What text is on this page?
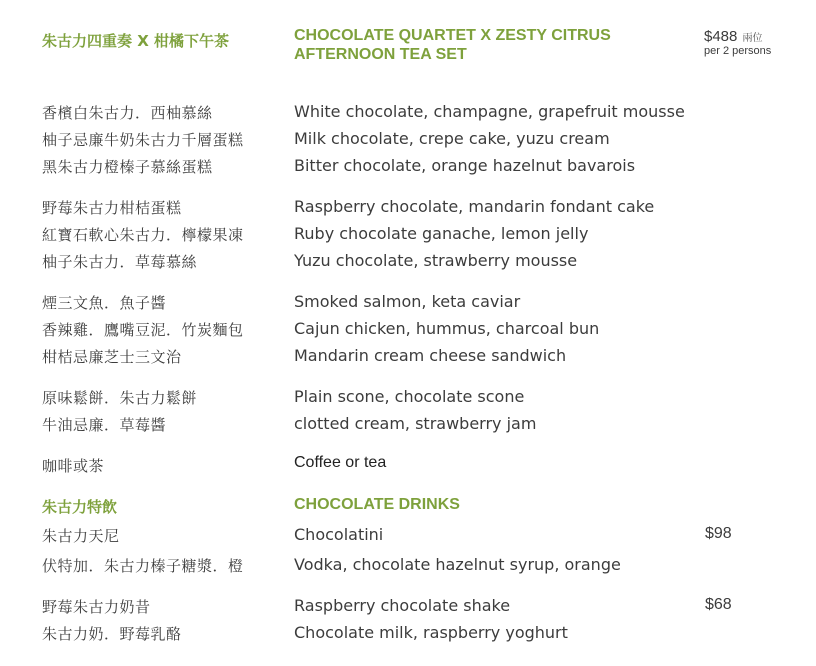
朱古力四重奏 X 柑橘下午茶	CHOCOLATE QUARTET X ZESTY CITRUS
AFTERNOON TEA SET
$488 兩位
per 2 persons
香檳白朱古力．西柚慕絲	White chocolate, champagne, grapefruit mousse
柚子忌廉牛奶朱古力千層蛋糕	Milk chocolate, crepe cake, yuzu cream
黑朱古力橙榛子慕絲蛋糕	Bitter chocolate, orange hazelnut bavarois
野莓朱古力柑桔蛋糕	Raspberry chocolate, mandarin fondant cake
紅寶石軟心朱古力．檸檬果凍	Ruby chocolate ganache, lemon jelly
柚子朱古力．草莓慕絲	Yuzu chocolate, strawberry mousse
煙三文魚．魚子醬	Smoked salmon, keta caviar
香辣雞．鷹嘴豆泥．竹炭麵包	Cajun chicken, hummus, charcoal bun
柑桔忌廉芝士三文治	Mandarin cream cheese sandwich
原味鬆餅．朱古力鬆餅	Plain scone, chocolate scone
牛油忌廉．草莓醬	clotted cream, strawberry jam
咖啡或茶	Coffee or tea
朱古力特飲	CHOCOLATE DRINKS
朱古力天尼	Chocolatini	$98
伏特加．朱古力榛子糖漿．橙	Vodka, chocolate hazelnut syrup, orange
野莓朱古力奶昔	Raspberry chocolate shake	$68
朱古力奶．野莓乳酪	Chocolate milk, raspberry yoghurt
